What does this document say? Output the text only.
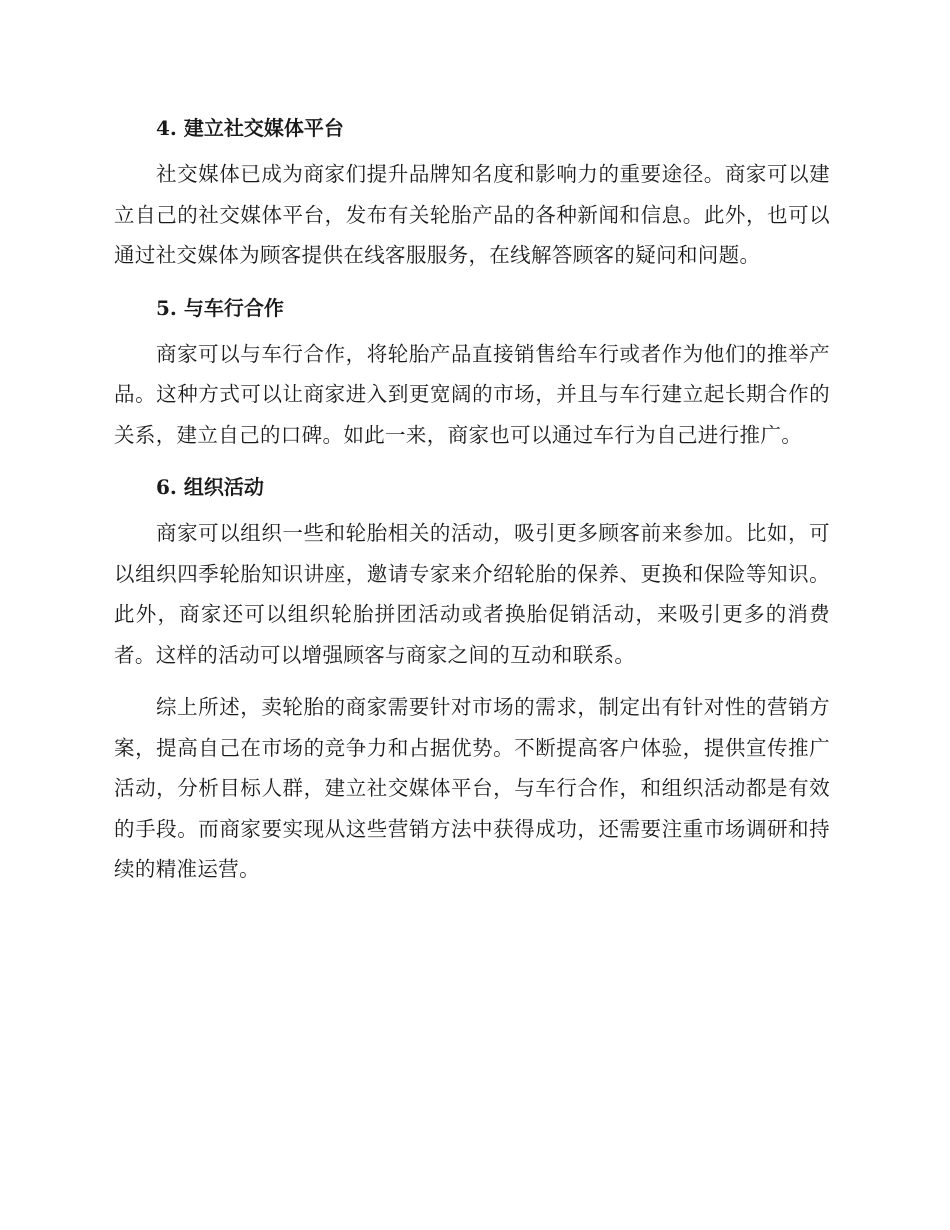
4. 建立社交媒体平台

社交媒体已成为商家们提升品牌知名度和影响力的重要途径。商家可以建立自己的社交媒体平台，发布有关轮胎产品的各种新闻和信息。此外，也可以通过社交媒体为顾客提供在线客服服务，在线解答顾客的疑问和问题。

5. 与车行合作

商家可以与车行合作，将轮胎产品直接销售给车行或者作为他们的推举产品。这种方式可以让商家进入到更宽阔的市场，并且与车行建立起长期合作的关系，建立自己的口碑。如此一来，商家也可以通过车行为自己进行推广。

6. 组织活动

商家可以组织一些和轮胎相关的活动，吸引更多顾客前来参加。比如，可以组织四季轮胎知识讲座，邀请专家来介绍轮胎的保养、更换和保险等知识。此外，商家还可以组织轮胎拼团活动或者换胎促销活动，来吸引更多的消费者。这样的活动可以增强顾客与商家之间的互动和联系。

综上所述，卖轮胎的商家需要针对市场的需求，制定出有针对性的营销方案，提高自己在市场的竞争力和占据优势。不断提高客户体验，提供宣传推广活动，分析目标人群，建立社交媒体平台，与车行合作，和组织活动都是有效的手段。而商家要实现从这些营销方法中获得成功，还需要注重市场调研和持续的精准运营。
